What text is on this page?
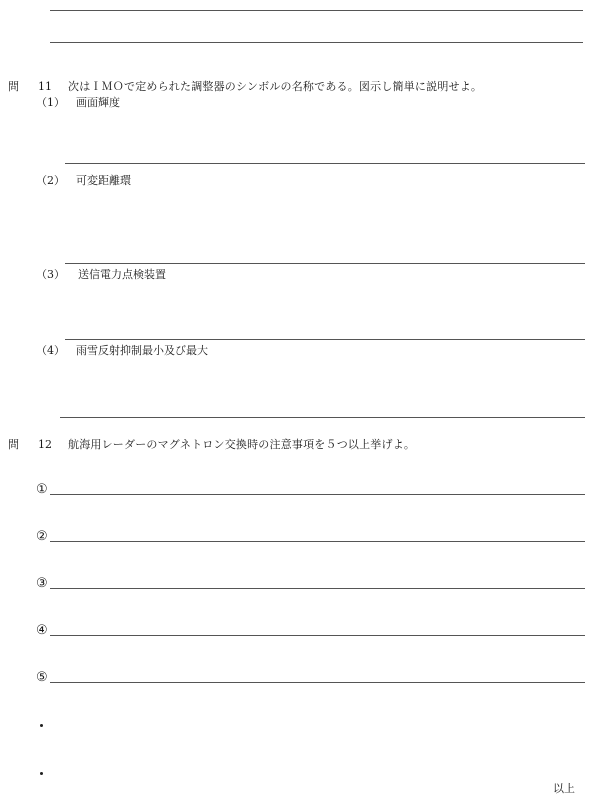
問 11 次はＩＭＯで定められた調整器のシンボルの名称である。図示し簡単に説明せよ。
（1） 画面輝度
（2） 可変距離環
（3） 送信電力点検装置
（4） 雨雪反射抑制最小及び最大
問 12 航海用レーダーのマグネトロン交換時の注意事項を５つ以上挙げよ。
①
②
③
④
⑤
以上
